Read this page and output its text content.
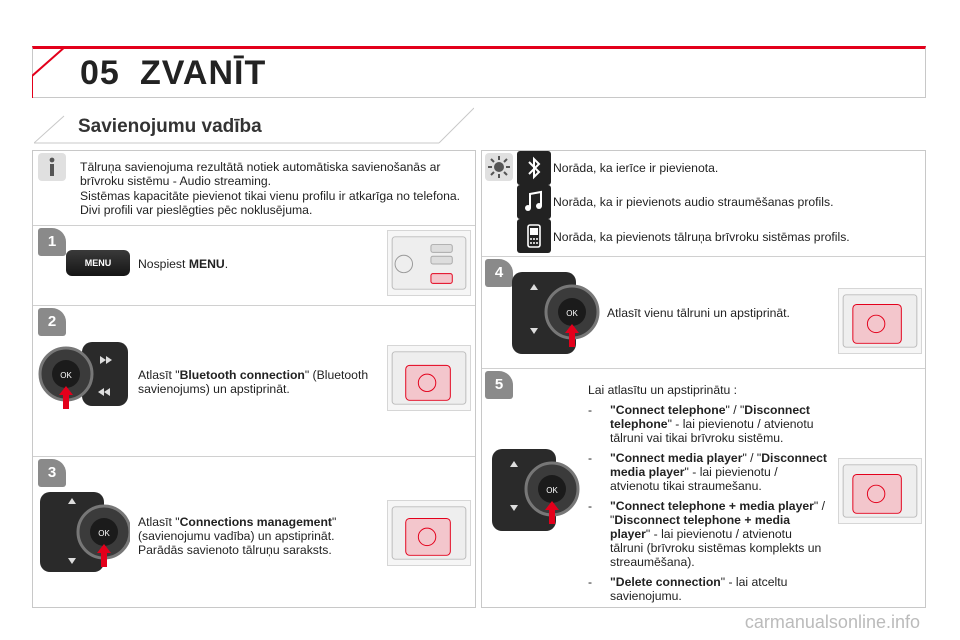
05 ZVANĪT
Savienojumu vadība
Tālruņa savienojuma rezultātā notiek automātiska savienošanās ar brīvroku sistēmu - Audio streaming.
Sistēmas kapacitāte pievienot tikai vienu profilu ir atkarīga no telefona. Divi profili var pieslēgties pēc noklusējuma.
1
MENU	Nospiest MENU.
2
OK	Atlasīt "Bluetooth connection" (Bluetooth savienojums) un apstiprināt.
3
OK
Atlasīt "Connections management" (savienojumu vadība) un apstiprināt. Parādās savienoto tālruņu saraksts.
Norāda, ka ierīce ir pievienota.
Norāda, ka ir pievienots audio straumēšanas profils.
Norāda, ka pievienots tālruņa brīvroku sistēmas profils.
4
OK Atlasīt vienu tālruni un apstiprināt.
5
OK
Lai atlasītu un apstiprinātu :
- "Connect telephone" / "Disconnect telephone" - lai pievienotu / atvienotu tālruni vai tikai brīvroku sistēmu.
- "Connect media player" / "Disconnect media player" - lai pievienotu / atvienotu tikai straumešanu.
- "Connect telephone + media player" / "Disconnect telephone + media player" - lai pievienotu / atvienotu tālruni (brīvroku sistēmas komplekts un streaumēšana).
- "Delete connection" - lai atceltu savienojumu.
carmanualsonline.info
